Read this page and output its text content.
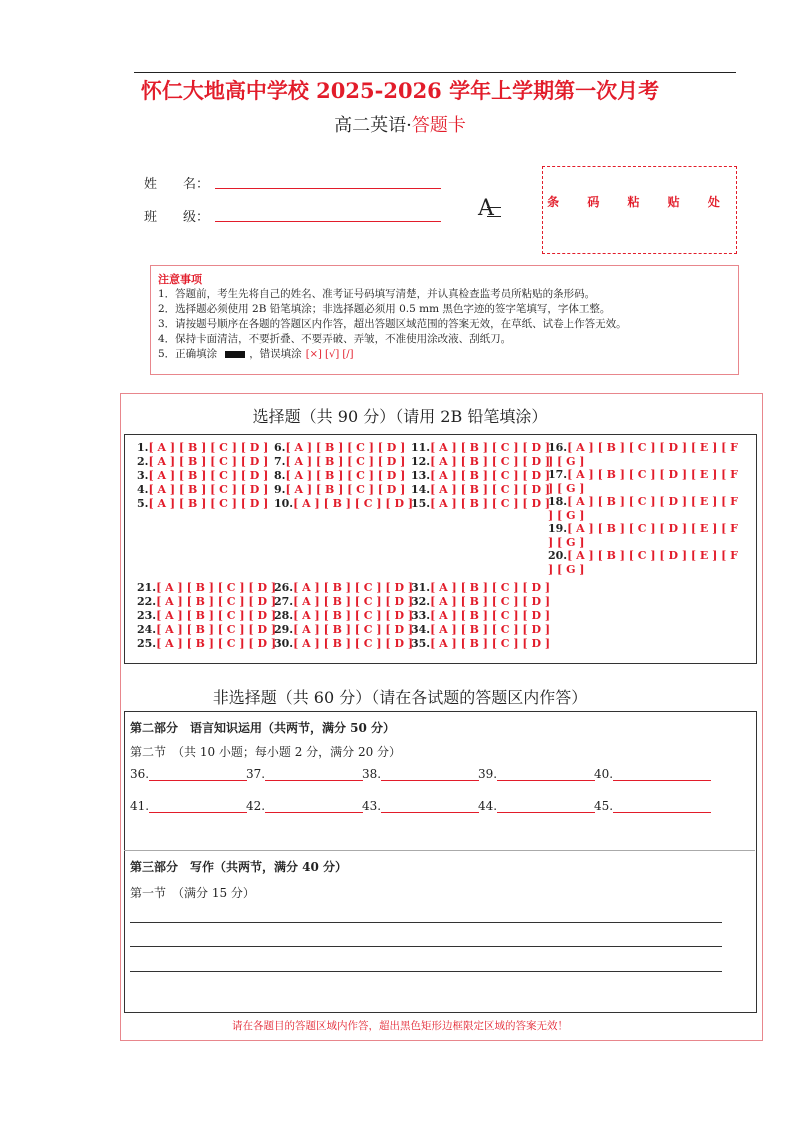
怀仁大地高中学校 2025-2026 学年上学期第一次月考
高二英语·答题卡
姓　　名：
班　　级：	A	条 码 粘 贴 处
注意事项
1．答题前，考生先将自己的姓名、准考证号码填写清楚，并认真检查监考员所粘贴的条形码。
2．选择题必须使用 2B 铅笔填涂；非选择题必须用 0.5 mm 黑色字迹的签字笔填写，字体工整。
3．请按题号顺序在各题的答题区内作答，超出答题区域范围的答案无效，在草纸、试卷上作答无效。
4．保持卡面清洁，不要折叠、不要弄破、弄皱，不准使用涂改液、刮纸刀。
5．正确填涂	，错误填涂 [×] [√] [/]
选择题（共 90 分）（请用 2B 铅笔填涂）
1.[ A ] [ B ] [ C ] [ D ]
2.[ A ] [ B ] [ C ] [ D ]
3.[ A ] [ B ] [ C ] [ D ]
4.[ A ] [ B ] [ C ] [ D ]
5.[ A ] [ B ] [ C ] [ D ]
6.[ A ] [ B ] [ C ] [ D ]
7.[ A ] [ B ] [ C ] [ D ]
8.[ A ] [ B ] [ C ] [ D ]
9.[ A ] [ B ] [ C ] [ D ]
10.[ A ] [ B ] [ C ] [ D ]
11.[ A ] [ B ] [ C ] [ D ]
12.[ A ] [ B ] [ C ] [ D ]
13.[ A ] [ B ] [ C ] [ D ]
14.[ A ] [ B ] [ C ] [ D ]
15.[ A ] [ B ] [ C ] [ D ]
16.[ A ] [ B ] [ C ] [ D ] [ E ] [ F ] [ G ]
17.[ A ] [ B ] [ C ] [ D ] [ E ] [ F ] [ G ]
18.[ A ] [ B ] [ C ] [ D ] [ E ] [ F ] [ G ]
19.[ A ] [ B ] [ C ] [ D ] [ E ] [ F ] [ G ]
20.[ A ] [ B ] [ C ] [ D ] [ E ] [ F ] [ G ]
21.[ A ] [ B ] [ C ] [ D ]
22.[ A ] [ B ] [ C ] [ D ]
23.[ A ] [ B ] [ C ] [ D ]
24.[ A ] [ B ] [ C ] [ D ]
25.[ A ] [ B ] [ C ] [ D ]
26.[ A ] [ B ] [ C ] [ D ]
27.[ A ] [ B ] [ C ] [ D ]
28.[ A ] [ B ] [ C ] [ D ]
29.[ A ] [ B ] [ C ] [ D ]
30.[ A ] [ B ] [ C ] [ D ]
31.[ A ] [ B ] [ C ] [ D ]
32.[ A ] [ B ] [ C ] [ D ]
33.[ A ] [ B ] [ C ] [ D ]
34.[ A ] [ B ] [ C ] [ D ]
35.[ A ] [ B ] [ C ] [ D ]
非选择题（共 60 分）（请在各试题的答题区内作答）
第二部分　语言知识运用（共两节，满分 50 分）
第二节　（共 10 小题；每小题 2 分，满分 20 分）
36.	37.	38.	39.	40.
41.	42.	43.	44.	45.
第三部分　写作（共两节，满分 40 分）
第一节　（满分 15 分）
请在各题目的答题区域内作答，超出黑色矩形边框限定区域的答案无效！
